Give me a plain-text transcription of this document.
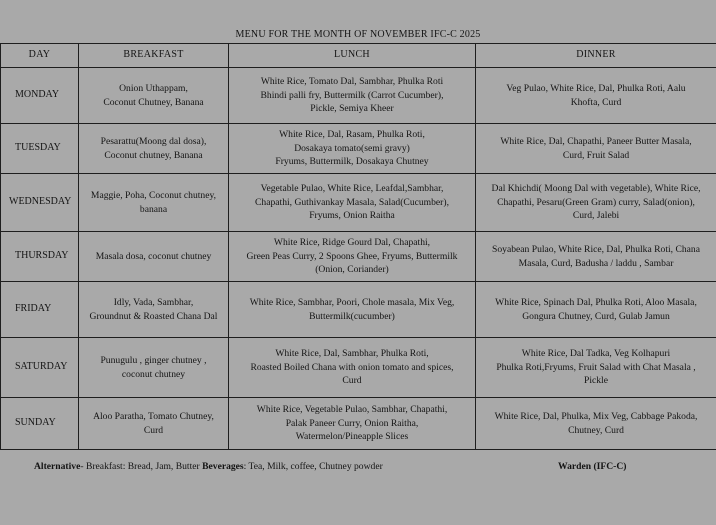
MENU FOR THE MONTH OF NOVEMBER IFC-C 2025
DAY	BREAKFAST	LUNCH	DINNER
MONDAY	Onion Uthappam,
Coconut Chutney, Banana	White Rice, Tomato Dal, Sambhar, Phulka Roti
Bhindi palli fry, Buttermilk (Carrot Cucumber),
Pickle, Semiya Kheer	Veg Pulao, White Rice, Dal, Phulka Roti, Aalu
Khofta, Curd
TUESDAY	Pesarattu(Moong dal dosa),
Coconut chutney, Banana	White Rice, Dal, Rasam, Phulka Roti,
Dosakaya tomato(semi gravy)
Fryums, Buttermilk, Dosakaya Chutney	White Rice, Dal, Chapathi, Paneer Butter Masala,
Curd, Fruit Salad
WEDNESDAY	Maggie, Poha, Coconut chutney,
banana	Vegetable Pulao, White Rice, Leafdal,Sambhar,
Chapathi, Guthivankay Masala, Salad(Cucumber),
Fryums, Onion Raitha	Dal Khichdi( Moong Dal with vegetable), White Rice,
Chapathi, Pesaru(Green Gram) curry, Salad(onion),
Curd, Jalebi
THURSDAY	Masala dosa, coconut chutney	White Rice, Ridge Gourd Dal, Chapathi,
Green Peas Curry, 2 Spoons Ghee, Fryums, Buttermilk
(Onion, Coriander)	Soyabean Pulao, White Rice, Dal, Phulka Roti, Chana
Masala, Curd, Badusha / laddu , Sambar
FRIDAY	Idly, Vada, Sambhar,
Groundnut & Roasted Chana Dal	White Rice, Sambhar, Poori, Chole masala, Mix Veg,
Buttermilk(cucumber)	White Rice, Spinach Dal, Phulka Roti, Aloo Masala,
Gongura Chutney, Curd, Gulab Jamun
SATURDAY	Punugulu , ginger chutney ,
coconut chutney	White Rice, Dal, Sambhar, Phulka Roti,
Roasted Boiled Chana with onion tomato and spices,
Curd	White Rice, Dal Tadka, Veg Kolhapuri
Phulka Roti,Fryums, Fruit Salad with Chat Masala ,
Pickle
SUNDAY	Aloo Paratha, Tomato Chutney,
Curd	White Rice, Vegetable Pulao, Sambhar, Chapathi,
Palak Paneer Curry, Onion Raitha,
Watermelon/Pineapple Slices	White Rice, Dal, Phulka, Mix Veg, Cabbage Pakoda,
Chutney, Curd
Alternative- Breakfast: Bread, Jam, Butter Beverages: Tea, Milk, coffee, Chutney powder	Warden (IFC-C)
